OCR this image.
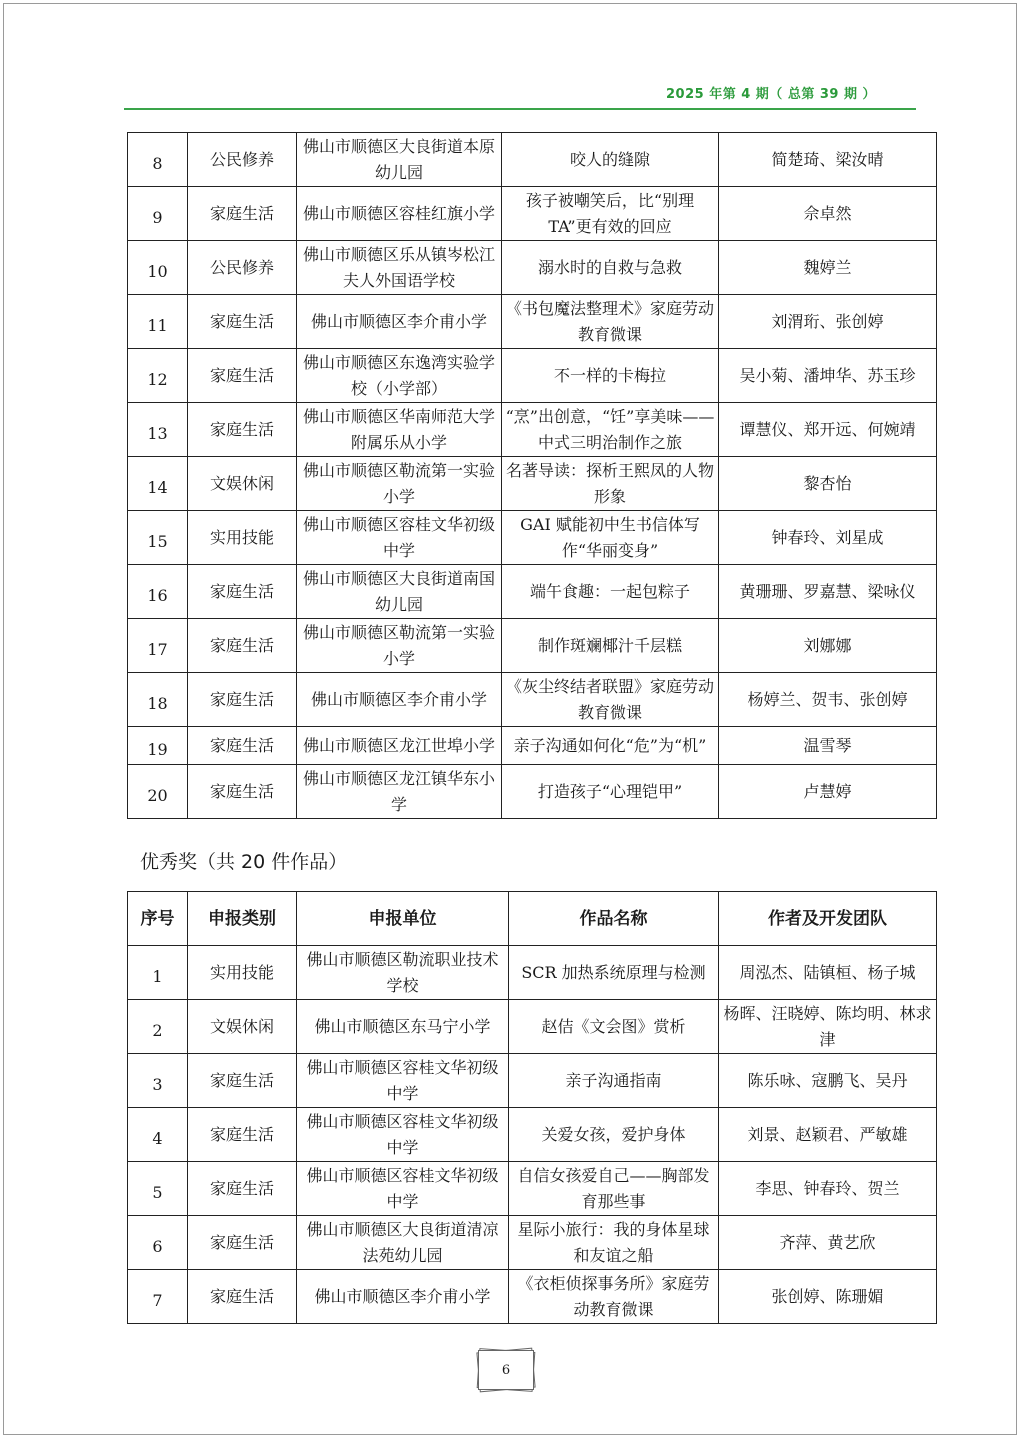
2025 年第 4 期（ 总第 39 期 ）
8	公民修养	佛山市顺德区大良街道本原幼儿园	咬人的缝隙	简楚琦、梁汝晴
9	家庭生活	佛山市顺德区容桂红旗小学	孩子被嘲笑后，比“别理 TA”更有效的回应	佘卓然
10	公民修养	佛山市顺德区乐从镇岑松江夫人外国语学校	溺水时的自救与急救	魏婷兰
11	家庭生活	佛山市顺德区李介甫小学	《书包魔法整理术》家庭劳动教育微课	刘渭珩、张创婷
12	家庭生活	佛山市顺德区东逸湾实验学校（小学部）	不一样的卡梅拉	吴小菊、潘坤华、苏玉珍
13	家庭生活	佛山市顺德区华南师范大学附属乐从小学	“烹”出创意，“饪”享美味——中式三明治制作之旅	谭慧仪、郑开远、何婉靖
14	文娱休闲	佛山市顺德区勒流第一实验小学	名著导读：探析王熙凤的人物形象	黎杏怡
15	实用技能	佛山市顺德区容桂文华初级中学	GAI 赋能初中生书信体写作“华丽变身”	钟春玲、刘星成
16	家庭生活	佛山市顺德区大良街道南国幼儿园	端午食趣：一起包粽子	黄珊珊、罗嘉慧、梁咏仪
17	家庭生活	佛山市顺德区勒流第一实验小学	制作斑斓椰汁千层糕	刘娜娜
18	家庭生活	佛山市顺德区李介甫小学	《灰尘终结者联盟》家庭劳动教育微课	杨婷兰、贺韦、张创婷
19	家庭生活	佛山市顺德区龙江世埠小学	亲子沟通如何化“危”为“机”	温雪琴
20	家庭生活	佛山市顺德区龙江镇华东小学	打造孩子“心理铠甲”	卢慧婷
优秀奖（共 20 件作品）
序号	申报类别	申报单位	作品名称	作者及开发团队
1	实用技能	佛山市顺德区勒流职业技术学校	SCR 加热系统原理与检测	周泓杰、陆镇桓、杨子城
2	文娱休闲	佛山市顺德区东马宁小学	赵佶《文会图》赏析	杨晖、汪晓婷、陈均明、林求津
3	家庭生活	佛山市顺德区容桂文华初级中学	亲子沟通指南	陈乐咏、寇鹏飞、吴丹
4	家庭生活	佛山市顺德区容桂文华初级中学	关爱女孩，爱护身体	刘景、赵颖君、严敏雄
5	家庭生活	佛山市顺德区容桂文华初级中学	自信女孩爱自己——胸部发育那些事	李思、钟春玲、贺兰
6	家庭生活	佛山市顺德区大良街道清凉法苑幼儿园	星际小旅行：我的身体星球和友谊之船	齐萍、黄艺欣
7	家庭生活	佛山市顺德区李介甫小学	《衣柜侦探事务所》家庭劳动教育微课	张创婷、陈珊媚
6
